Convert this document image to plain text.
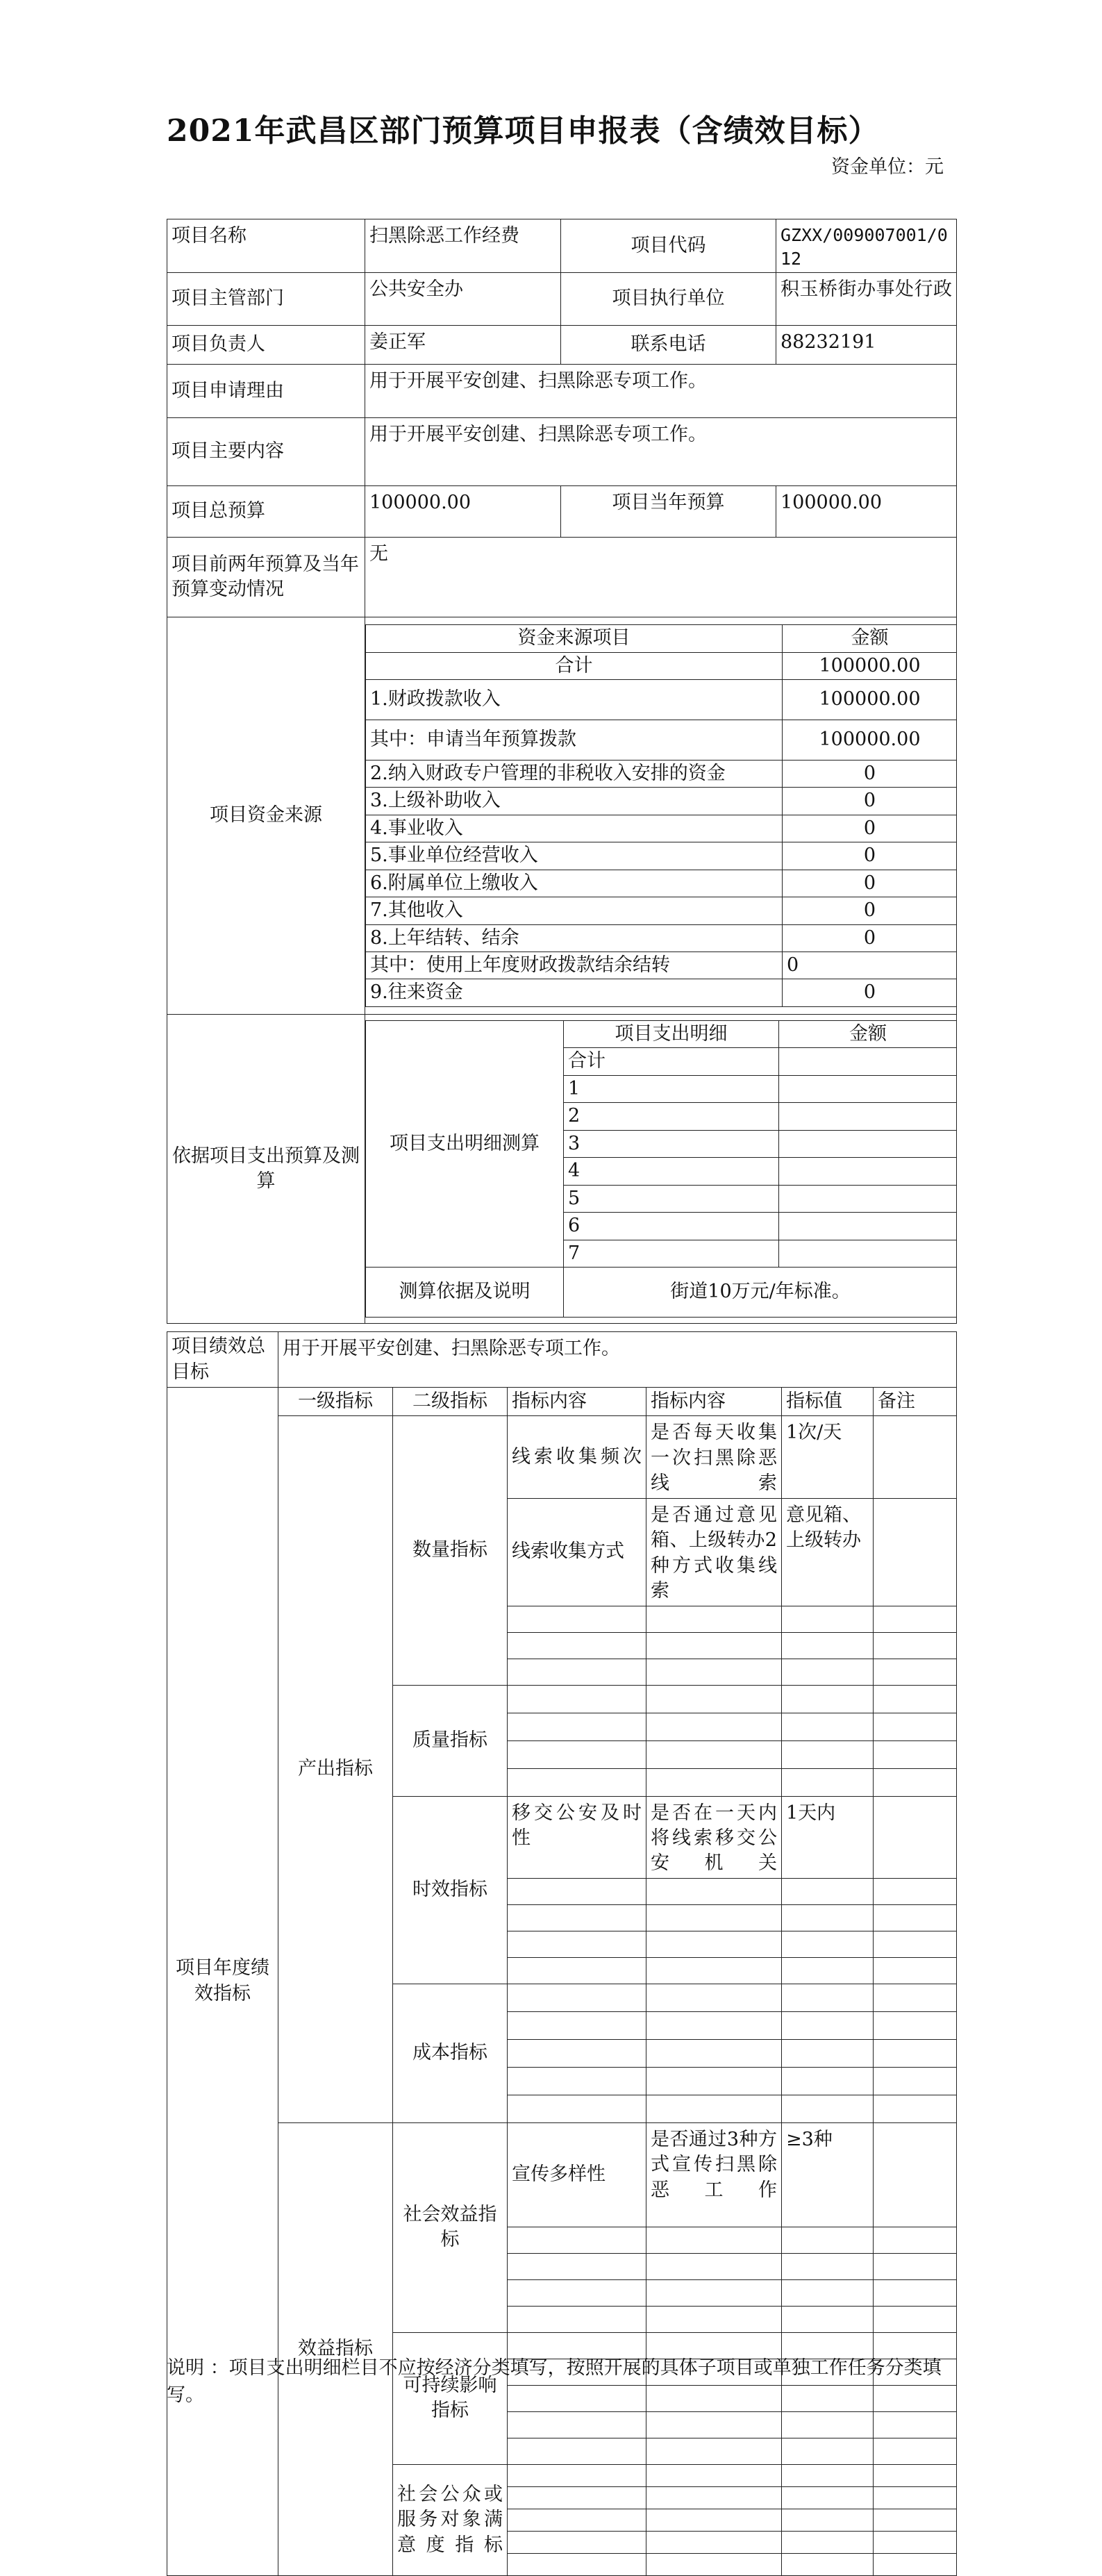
2021年武昌区部门预算项目申报表（含绩效目标）
资金单位：元
项目名称	扫黑除恶工作经费	项目代码	GZXX/009007001/012
项目主管部门	公共安全办	项目执行单位	积玉桥街办事处行政
项目负责人	姜正军	联系电话	88232191
项目申请理由	用于开展平安创建、扫黑除恶专项工作。
项目主要内容	用于开展平安创建、扫黑除恶专项工作。
项目总预算	100000.00	项目当年预算	100000.00
项目前两年预算及当年预算变动情况	无
项目资金来源	
资金来源项目	金额
合计	100000.00
1.财政拨款收入	100000.00
其中：申请当年预算拨款	100000.00
2.纳入财政专户管理的非税收入安排的资金	0
3.上级补助收入	0
4.事业收入	0
5.事业单位经营收入	0
6.附属单位上缴收入	0
7.其他收入	0
8.上年结转、结余	0
其中：使用上年度财政拨款结余结转	0
9.往来资金	0

依据项目支出预算及测算	
项目支出明细测算	项目支出明细	金额
合计	
1	
2	
3	
4	
5	
6	
7	
测算依据及说明	街道10万元/年标准。
项目绩效总目标	用于开展平安创建、扫黑除恶专项工作。					
项目年度绩效指标	一级指标	二级指标	指标内容	指标内容	指标值	备注
	产出指标	数量指标	线索收集频次	是否每天收集一次扫黑除恶线索	1次/天	
			线索收集方式	是否通过意见箱、上级转办2种方式收集线索	意见箱、上级转办	

		质量指标				

		时效指标	移交公安及时性	是否在一天内将线索移交公安机关	1天内	

		成本指标				

	效益指标	社会效益指标	宣传多样性	是否通过3种方式宣传扫黑除恶工作	≥3种	

		可持续影响指标				

		社会公众或服务对象满意度指标				

说明 ：项目支出明细栏目不应按经济分类填写，按照开展的具体子项目或单独工作任务分类填写。
